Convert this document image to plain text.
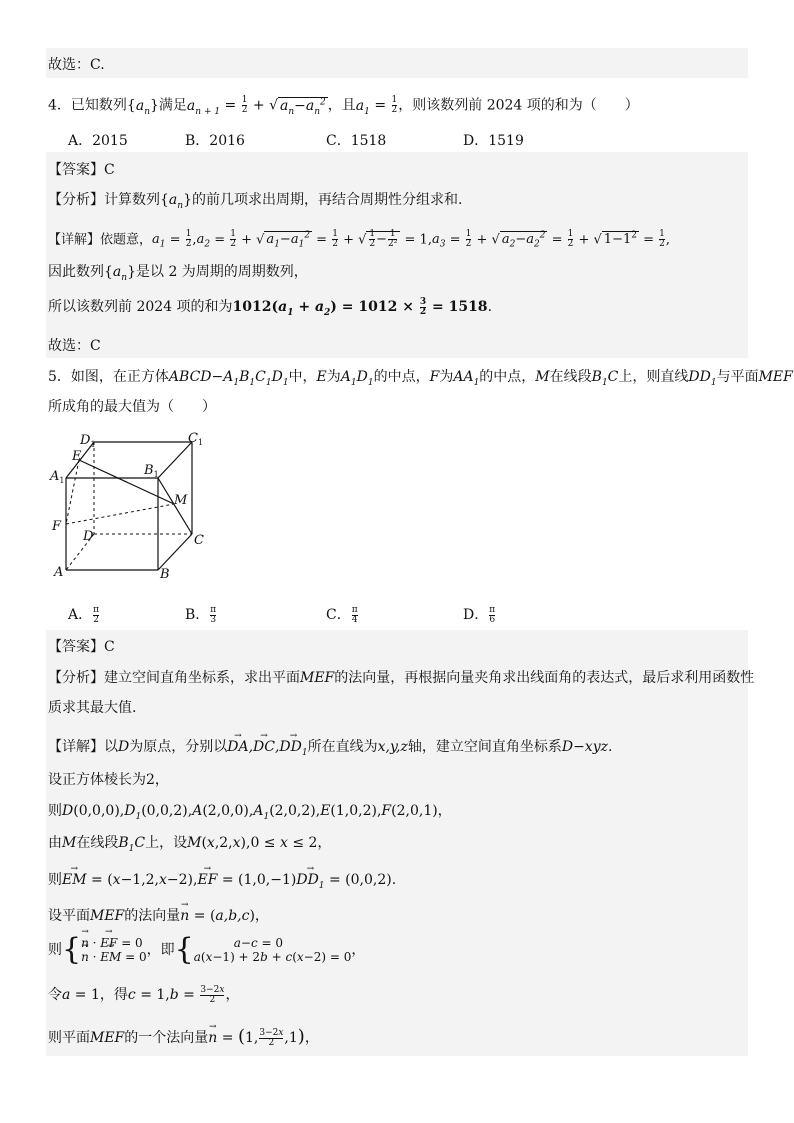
故选：C.
4．已知数列$\{a_n\}$满足$a_{n + 1} = \frac{1}{2}$ + √ $a_n-a_n^2$ ，且$a_1 = \frac{1}{2}$ ，则该数列前 2024 项的和为（　　）
A．2015	B．2016	C．1518	D．1519
【答案】C
【分析】计算数列$\{a_n\}$的前几项求出周期，再结合周期性分组求和.
【详解】依题意，$a_1 = \frac{1}{2} ,a_2 = \frac{1}{2}$ + √ $a_1-a_1^2 = \frac{1}{2}$ + √ $\frac{1}{2} - \frac{1}{\text{2²}} = 1,a_3 = \frac{1}{2}$ + √ $a_2-a_2^2 = \frac{1}{2}$ + √ $1-1^2 = \frac{1}{2}$ ,
因此数列$\{a_n\}$是以 2 为周期的周期数列，
所以该数列前 2024 项的和为$1012(a_1 + a_2) = 1012 \times \frac{3}{2} = 1518$.
故选：C
5．如图，在正方体$ABCD-A_1B_1C_1D_1$中，E为$A_1D_1$的中点，F为$AA_1$的中点，M在线段$B_1C$上，则直线$DD_1$与平面MEF
所成角的最大值为（　　）
$D_1$	$C_1$
$A_1$
$B_1$
E
M
F
D	C
A	B
A． $\frac{\pi}{2}$	B． $\frac{\pi}{3}$	C． $\frac{\pi}{4}$	D． $\frac{\pi}{6}$
【答案】C
【分析】建立空间直角坐标系，求出平面MEF的法向量，再根据向量夹角求出线面角的表达式，最后求利用函数性
质求其最大值.
【详解】以D为原点，分别以→ $DA,\to DC,\to DD_1$所在直线为x,y,z轴，建立空间直角坐标系D−xyz.
设正方体棱长为2，
则$D(0,0,0),D_1(0,0,2),A(2,0,0),A_1(2,0,2),E(1,0,2),F(2,0,1)$，
由M在线段$B_1C$上，设M(x,2,x),0 ≤ x ≤ 2，
则→ EM = (x−1,2,x−2),→ EF = $(1,0,-1)\to DD_1 = (0,0,2)$.
设平面MEF的法向量→ n = (a,b,c)，
则{
→ n · → EF = 0
→ n · → EM = 0 ，即{	a−c = 0
a(x−1) + 2b + c(x−2) = 0 ，
令a = 1，得$c = 1,b = \frac{3-2x}{2}$ ，
则平面MEF的一个法向量→ n = (1, $\frac{3-2x}{2} ,1$)，
